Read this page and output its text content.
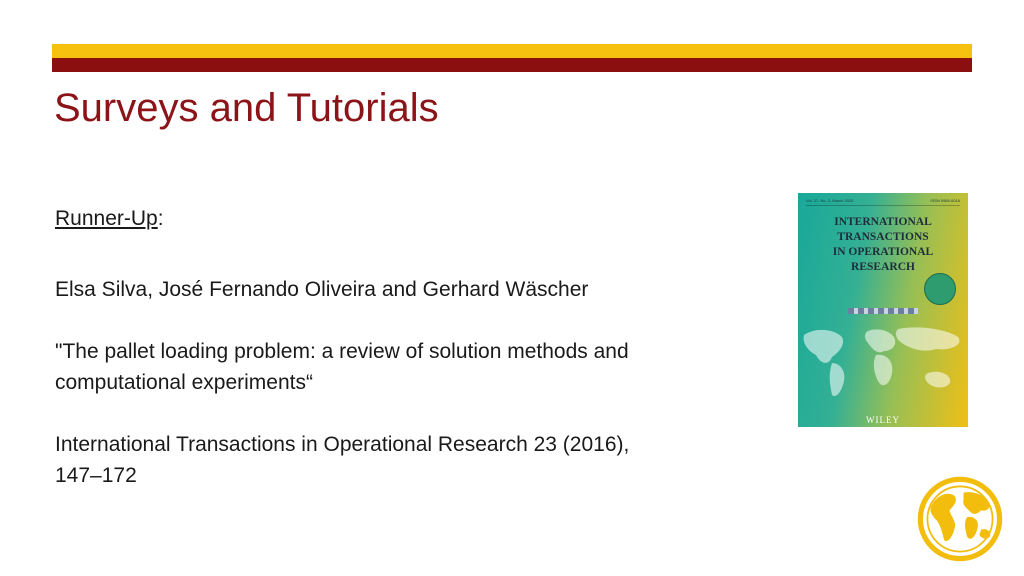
Surveys and Tutorials

Runner-Up:

Elsa Silva, José Fernando Oliveira and Gerhard Wäscher

"The pallet loading problem: a review of solution methods and

computational experiments“

International Transactions in Operational Research 23 (2016),

147–172

Vol. 27, No. 2, March 2020	ISSN 0969-6016
INTERNATIONAL
TRANSACTIONS
IN OPERATIONAL
RESEARCH
WILEY
